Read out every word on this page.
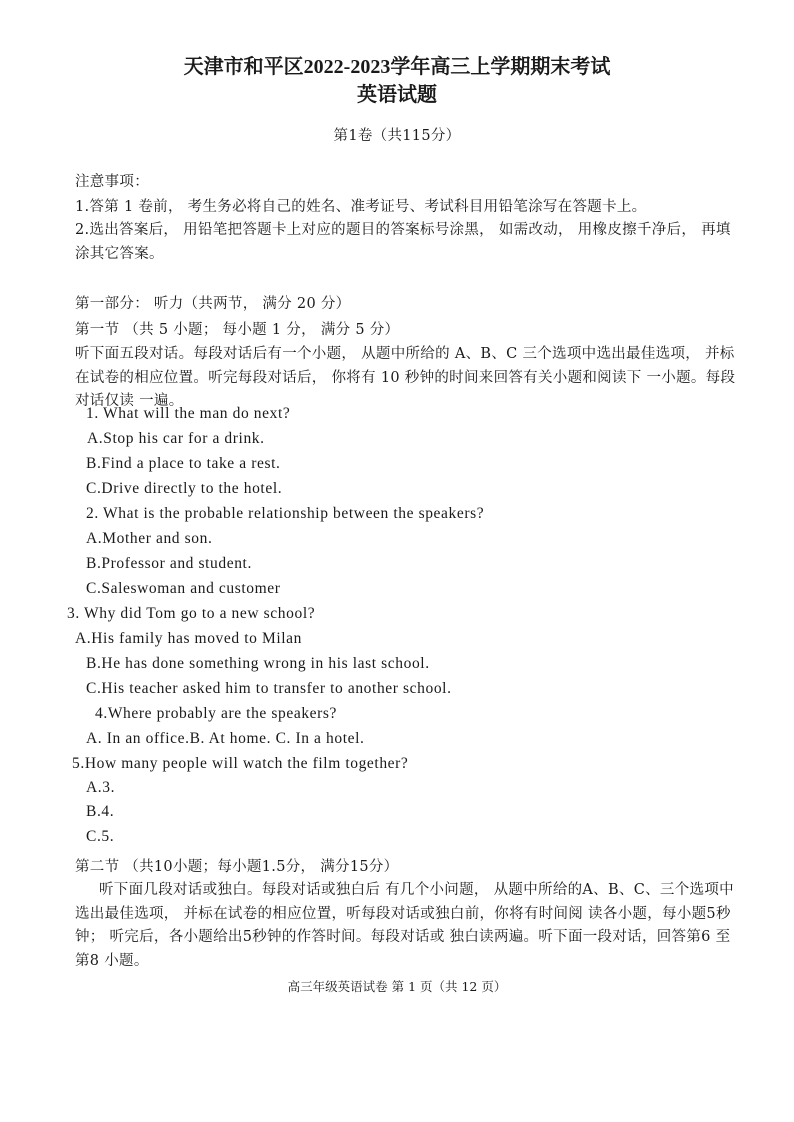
天津市和平区2022-2023学年高三上学期期末考试
英语试题
第1卷（共115分）
注意事项：
1.答第 1 卷前， 考生务必将自己的姓名、准考证号、考试科目用铅笔涂写在答题卡上。
2.选出答案后， 用铅笔把答题卡上对应的题目的答案标号涂黑， 如需改动， 用橡皮擦千净后， 再填涂其它答案。
第一部分： 听力（共两节， 满分 20 分）
第一节 （共 5 小题； 每小题 1 分， 满分 5 分）
听下面五段对话。每段对话后有一个小题， 从题中所给的 A、B、C 三个选项中选出最佳选项， 并标在试卷的相应位置。听完每段对话后， 你将有 10 秒钟的时间来回答有关小题和阅读下 一小题。每段对话仅读 一遍。
1. What will the man do next?
A.Stop his car for a drink.
B.Find a place to take a rest.
C.Drive directly to the hotel.
2. What is the probable relationship between the speakers?
A.Mother and son.
B.Professor and student.
C.Saleswoman and customer
3. Why did Tom go to a new school?
A.His family has moved to Milan
B.He has done something wrong in his last school.
C.His teacher asked him to transfer to another school.
4.Where probably are the speakers?
A. In an office.B. At home. C. In a hotel.
5.How many people will watch the film together?
A.3.
B.4.
C.5.
第二节 （共10小题；每小题1.5分， 满分15分）
听下面几段对话或独白。每段对话或独白后 有几个小问题， 从题中所给的A、B、C、三个选项中选出最佳选项， 并标在试卷的相应位置，听每段对话或独白前，你将有时间阅 读各小题，每小题5秒钟； 听完后，各小题给出5秒钟的作答时间。每段对话或 独白读两遍。听下面一段对话，回答第6 至第8 小题。
高三年级英语试卷 第 1 页（共 12 页）
